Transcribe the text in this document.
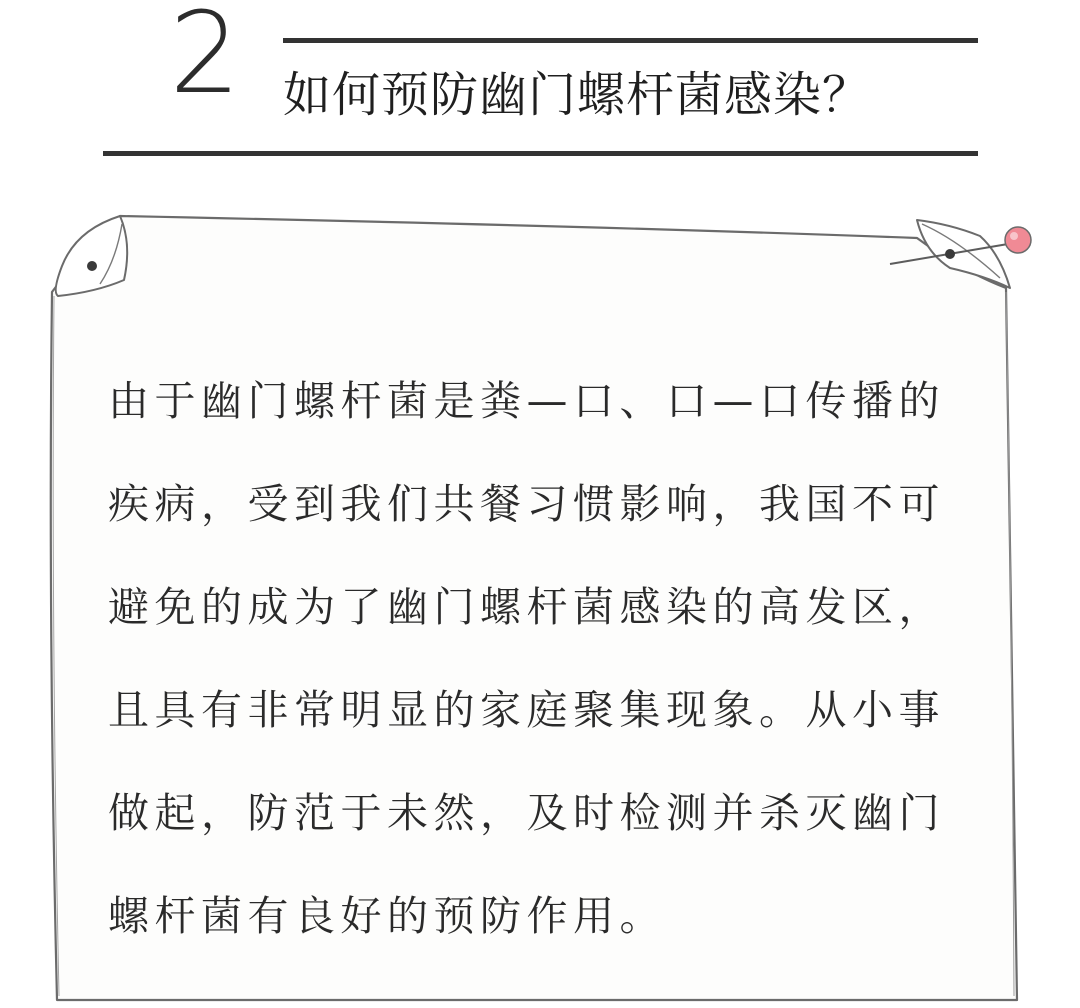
2 如何预防幽门螺杆菌感染？
由于幽门螺杆菌是粪—口、口—口传播的
疾病，受到我们共餐习惯影响，我国不可
避免的成为了幽门螺杆菌感染的高发区，
且具有非常明显的家庭聚集现象。从小事
做起，防范于未然，及时检测并杀灭幽门
螺杆菌有良好的预防作用。
